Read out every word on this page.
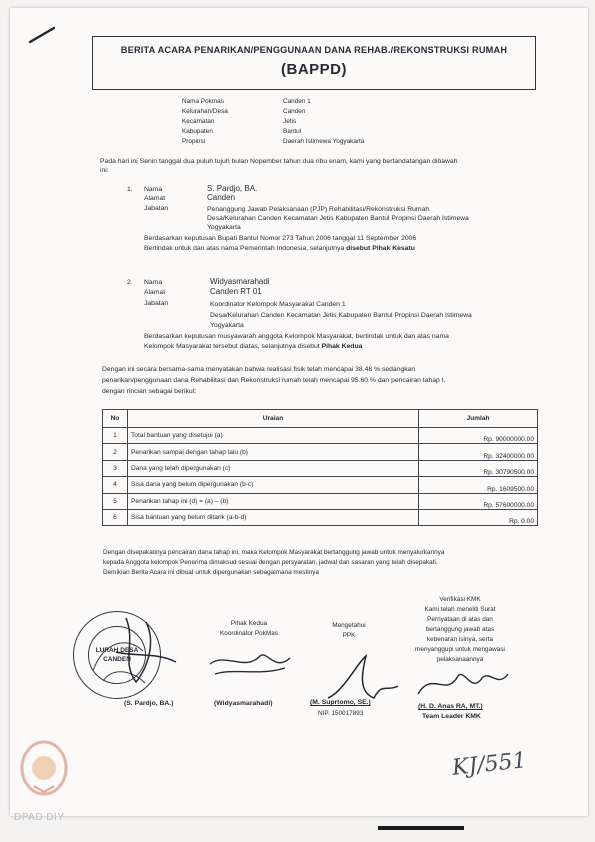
BERITA ACARA PENARIKAN/PENGGUNAAN DANA REHAB./REKONSTRUKSI RUMAH
(BAPPD)
Nama Pokmas	Canden 1
Kelurahan/Desa	Canden
Kecamatan	Jetis
Kabupaten	Bantul
Propinsi	Daerah Istimewa Yogyakarta
Pada hari ini Senin tanggal dua puluh tujuh bulan Nopember tahun dua ribu enam, kami yang bertandatangan dibawah
ini:
1. Nama	S. Pardjo, BA.
Alamat	Canden
Jabatan	Penanggung Jawab Pelaksanaan (PJP) Rehabilitasi/Rekonstruksi Rumah
Desa/Kelurahan Canden Kecamatan Jetis Kabupaten Bantul Propinsi Daerah Istimewa
Yogyakarta
Berdasarkan keputusan Bupati Bantul Nomor 273 Tahun 2006 tanggal 11 September 2006
Bertindak untuk dan atas nama Pemerintah Indonesia, selanjutnya disebut Pihak Kesatu
2. Nama	Widyasmarahadi
Alamat	Canden RT 01
Jabatan	Koordinator Kelompok Masyarakat Canden 1
Desa/Kelurahan Canden Kecamatan Jetis Kabupaten Bantul Propinsi Daerah Istimewa
Yogyakarta
Berdasarkan keputusan musyawarah anggota Kelompok Masyarakat, bertindak untuk dan atas nama
Kelompok Masyarakat tersebut diatas, selanjutnya disebut Pihak Kedua
Dengan ini secara bersama-sama menyatakan bahwa realisasi fisik telah mencapai 38.48 % sedangkan
penarikan/penggunaan dana Rehabilitasi dan Rekonstruksi rumah telah mencapai 95.60 % dan pencairan tahap I,
dengan rincian sebagai berikut:
No	Uraian	Jumlah
1	Total bantuan yang disetujui (a)	Rp. 90000000.00
2	Penarikan sampai dengan tahap lalu (b)	Rp. 32400000.00
3	Dana yang telah dipergunakan (c)	Rp. 30790500.00
4	Sisa dana yang belum dipergunakan (b-c)	Rp. 1609500.00
5	Penarikan tahap ini (d) = (a) – (b)	Rp. 57600000.00
6	Sisa bantuan yang belum ditarik (a-b-d)	Rp. 0.00
Dengan disepakatinya pencairan dana tahap ini, maka Kelompok Masyarakat bertanggung jawab untuk menyalurkannya
kepada Anggota kelompok Penerima dimaksud sesuai dengan persyaratan, jadwal dan sasaran yang telah disepakati.
Demikian Berita Acara ini dibuat untuk dipergunakan sebagaimana mestinya
Verifikasi KMK
Kami telah meneliti Surat
Pernyataan di atas dan
bertanggung jawab atas
kebenaran isinya, serta
menyanggupi untuk mengawasi
pelaksanaannya
Pihak Kedua
Koordinator PokMas
Mengetahui
PPK
LURAH DESA CANDEN
(S. Pardjo, BA.)	(Widyasmarahadi)	(M. Suprtomo, SE.)
(H. D. Anas RA, MT.)
Team Leader KMK
NIP. 150017893
KJ/551
DPAD DIY
